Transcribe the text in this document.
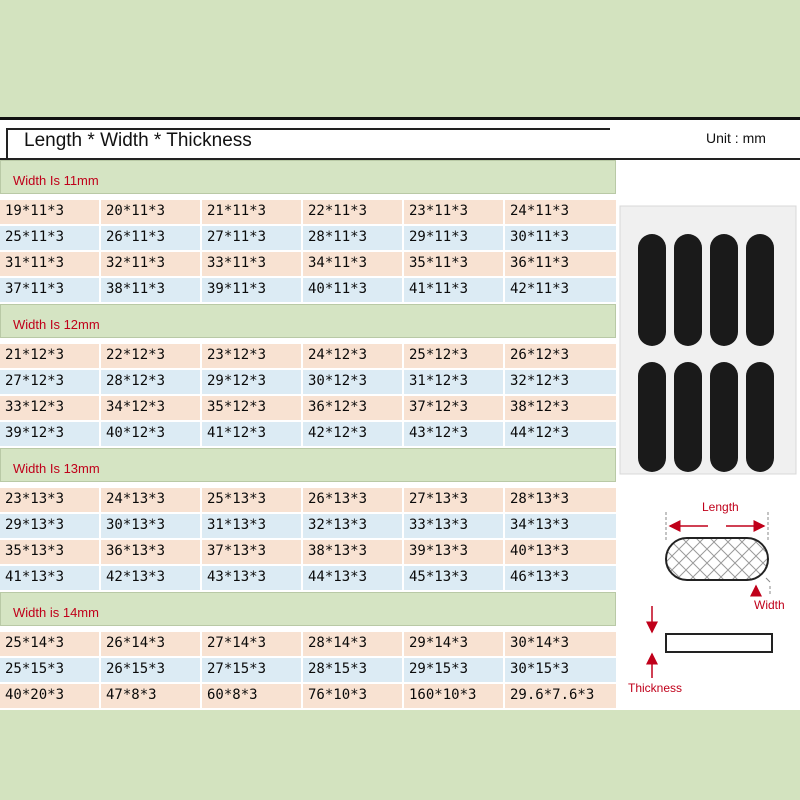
Length * Width * Thickness	Unit : mm
Width Is 11mm
19*11*3	20*11*3	21*11*3	22*11*3	23*11*3	24*11*3
25*11*3	26*11*3	27*11*3	28*11*3	29*11*3	30*11*3
31*11*3	32*11*3	33*11*3	34*11*3	35*11*3	36*11*3
37*11*3	38*11*3	39*11*3	40*11*3	41*11*3	42*11*3
Width Is 12mm
21*12*3	22*12*3	23*12*3	24*12*3	25*12*3	26*12*3
27*12*3	28*12*3	29*12*3	30*12*3	31*12*3	32*12*3
33*12*3	34*12*3	35*12*3	36*12*3	37*12*3	38*12*3
39*12*3	40*12*3	41*12*3	42*12*3	43*12*3	44*12*3
Width Is 13mm
23*13*3	24*13*3	25*13*3	26*13*3	27*13*3	28*13*3
29*13*3	30*13*3	31*13*3	32*13*3	33*13*3	34*13*3
35*13*3	36*13*3	37*13*3	38*13*3	39*13*3	40*13*3
41*13*3	42*13*3	43*13*3	44*13*3	45*13*3	46*13*3
Width is 14mm
25*14*3	26*14*3	27*14*3	28*14*3	29*14*3	30*14*3
25*15*3	26*15*3	27*15*3	28*15*3	29*15*3	30*15*3
40*20*3	47*8*3	60*8*3	76*10*3	160*10*3	29.6*7.6*3
Length
Width
Thickness
